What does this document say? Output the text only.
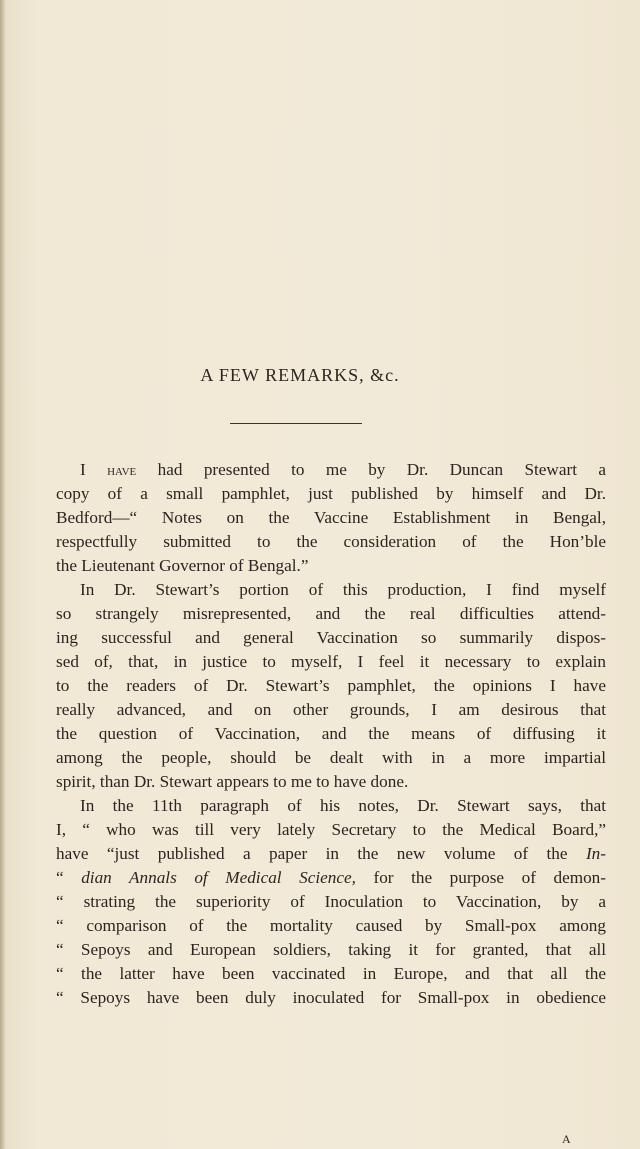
A FEW REMARKS, &c.
I have had presented to me by Dr. Duncan Stewart a
copy of a small pamphlet, just published by himself and Dr.
Bedford—“ Notes on the Vaccine Establishment in Bengal,
respectfully submitted to the consideration of the Hon’ble
the Lieutenant Governor of Bengal.”
In Dr. Stewart’s portion of this production, I find myself
so strangely misrepresented, and the real difficulties attend-
ing successful and general Vaccination so summarily dispos-
sed of, that, in justice to myself, I feel it necessary to explain
to the readers of Dr. Stewart’s pamphlet, the opinions I have
really advanced, and on other grounds, I am desirous that
the question of Vaccination, and the means of diffusing it
among the people, should be dealt with in a more impartial
spirit, than Dr. Stewart appears to me to have done.
In the 11th paragraph of his notes, Dr. Stewart says, that
I, “ who was till very lately Secretary to the Medical Board,”
have “just published a paper in the new volume of the In-
“ dian Annals of Medical Science, for the purpose of demon-
“ strating the superiority of Inoculation to Vaccination, by a
“ comparison of the mortality caused by Small-pox among
“ Sepoys and European soldiers, taking it for granted, that all
“ the latter have been vaccinated in Europe, and that all the
“ Sepoys have been duly inoculated for Small-pox in obedience
A
